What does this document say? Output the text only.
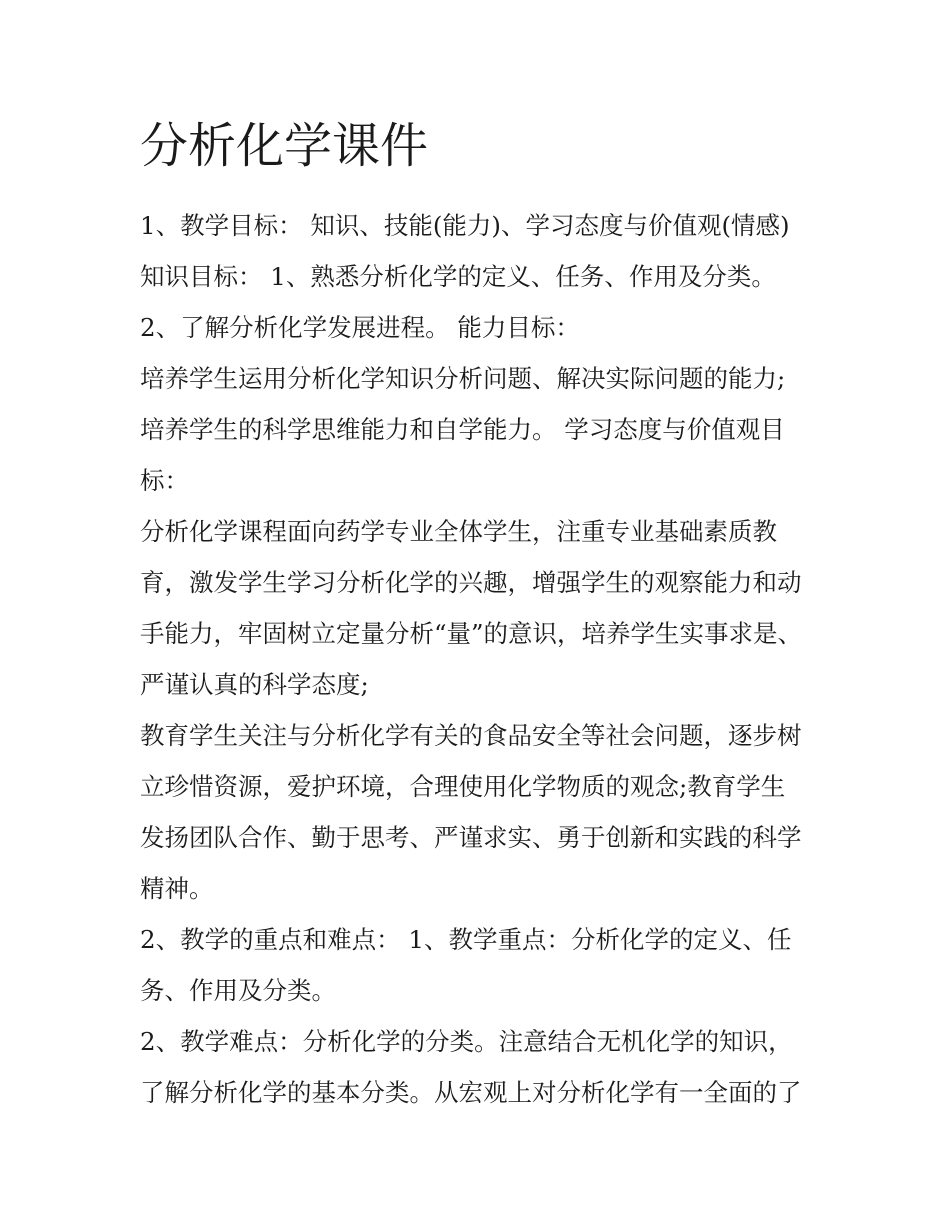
分析化学课件
1、教学目标： 知识、技能(能力)、学习态度与价值观(情感)
知识目标： 1、熟悉分析化学的定义、任务、作用及分类。
2、了解分析化学发展进程。 能力目标：
培养学生运用分析化学知识分析问题、解决实际问题的能力;
培养学生的科学思维能力和自学能力。 学习态度与价值观目
标：
分析化学课程面向药学专业全体学生，注重专业基础素质教
育，激发学生学习分析化学的兴趣，增强学生的观察能力和动
手能力，牢固树立定量分析“量”的意识，培养学生实事求是、
严谨认真的科学态度;
教育学生关注与分析化学有关的食品安全等社会问题，逐步树
立珍惜资源，爱护环境，合理使用化学物质的观念;教育学生
发扬团队合作、勤于思考、严谨求实、勇于创新和实践的科学
精神。
2、教学的重点和难点： 1、教学重点：分析化学的定义、任
务、作用及分类。
2、教学难点：分析化学的分类。注意结合无机化学的知识，
了解分析化学的基本分类。从宏观上对分析化学有一全面的了
